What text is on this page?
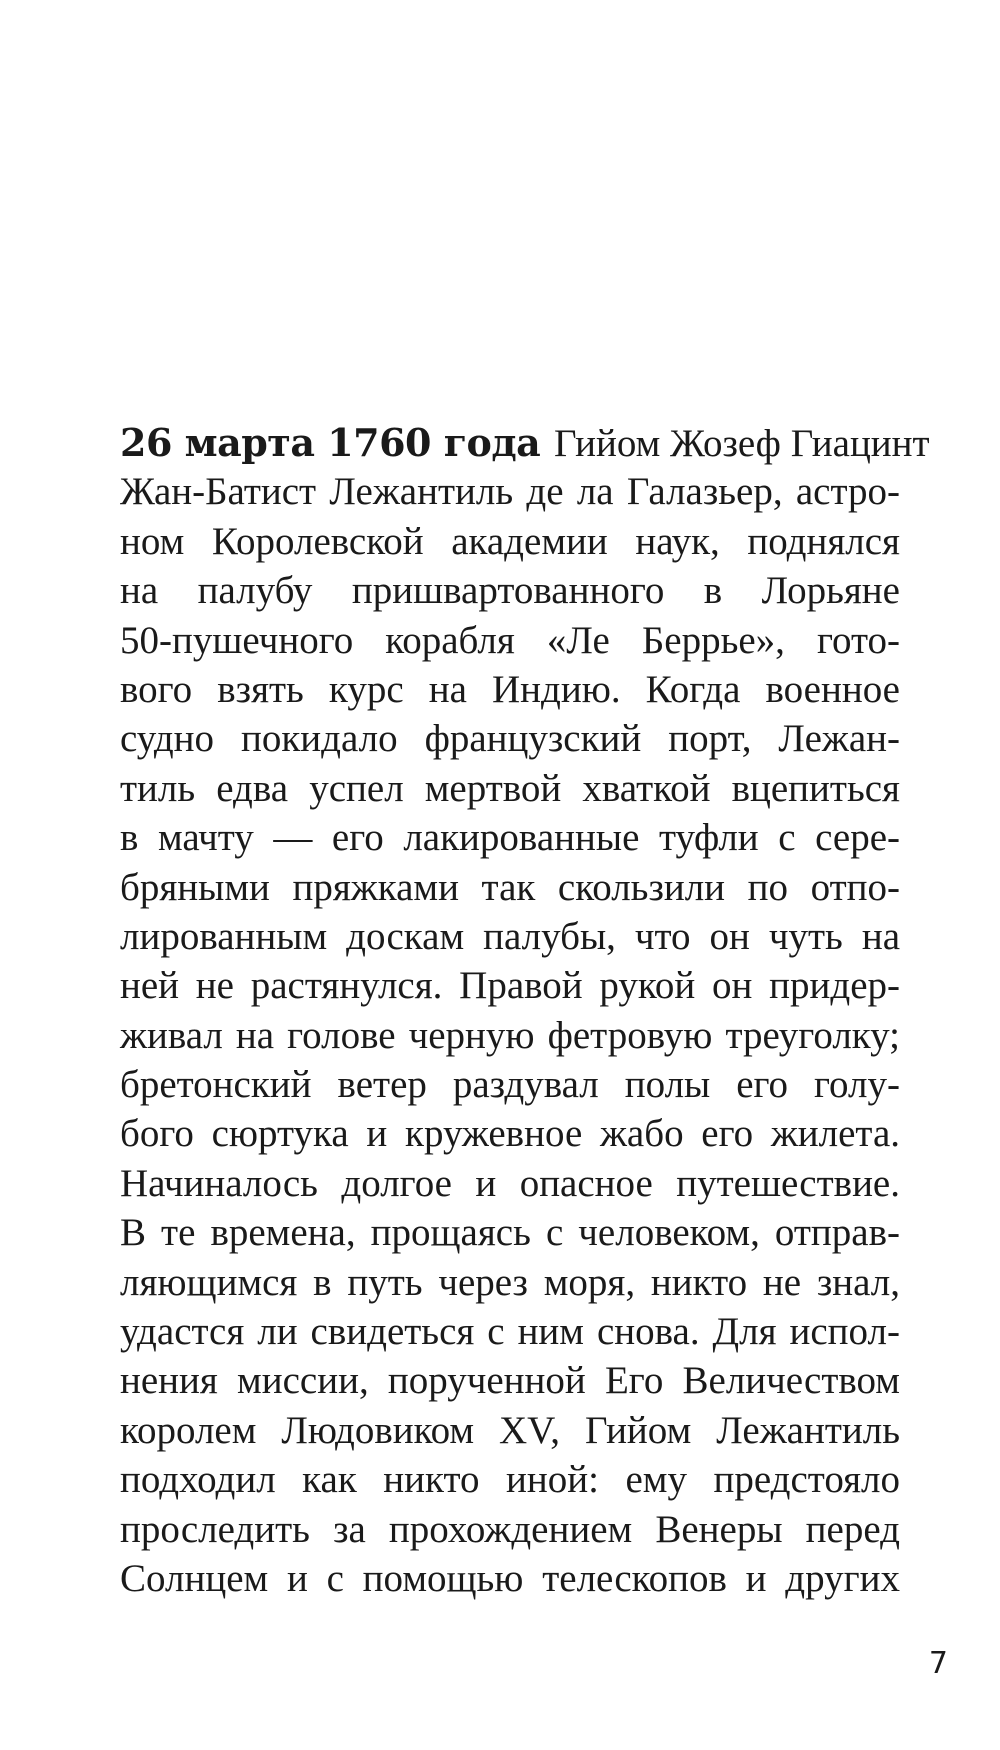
26 марта 1760 года Гийом Жозеф Гиацинт
Жан-Батист Лежантиль де ла Галазьер, астро-
ном Королевской академии наук, поднялся
на палубу пришвартованного в Лорьяне
50-пушечного корабля «Ле Беррье», гото-
вого взять курс на Индию. Когда военное
судно покидало французский порт, Лежан-
тиль едва успел мертвой хваткой вцепиться
в мачту — его лакированные туфли с сере-
бряными пряжками так скользили по отпо-
лированным доскам палубы, что он чуть на
ней не растянулся. Правой рукой он придер-
живал на голове черную фетровую треуголку;
бретонский ветер раздувал полы его голу-
бого сюртука и кружевное жабо его жилета.
Начиналось долгое и опасное путешествие.
В те времена, прощаясь с человеком, отправ-
ляющимся в путь через моря, никто не знал,
удастся ли свидеться с ним снова. Для испол-
нения миссии, порученной Его Величеством
королем Людовиком XV, Гийом Лежантиль
подходил как никто иной: ему предстояло
проследить за прохождением Венеры перед
Солнцем и с помощью телескопов и других
7
